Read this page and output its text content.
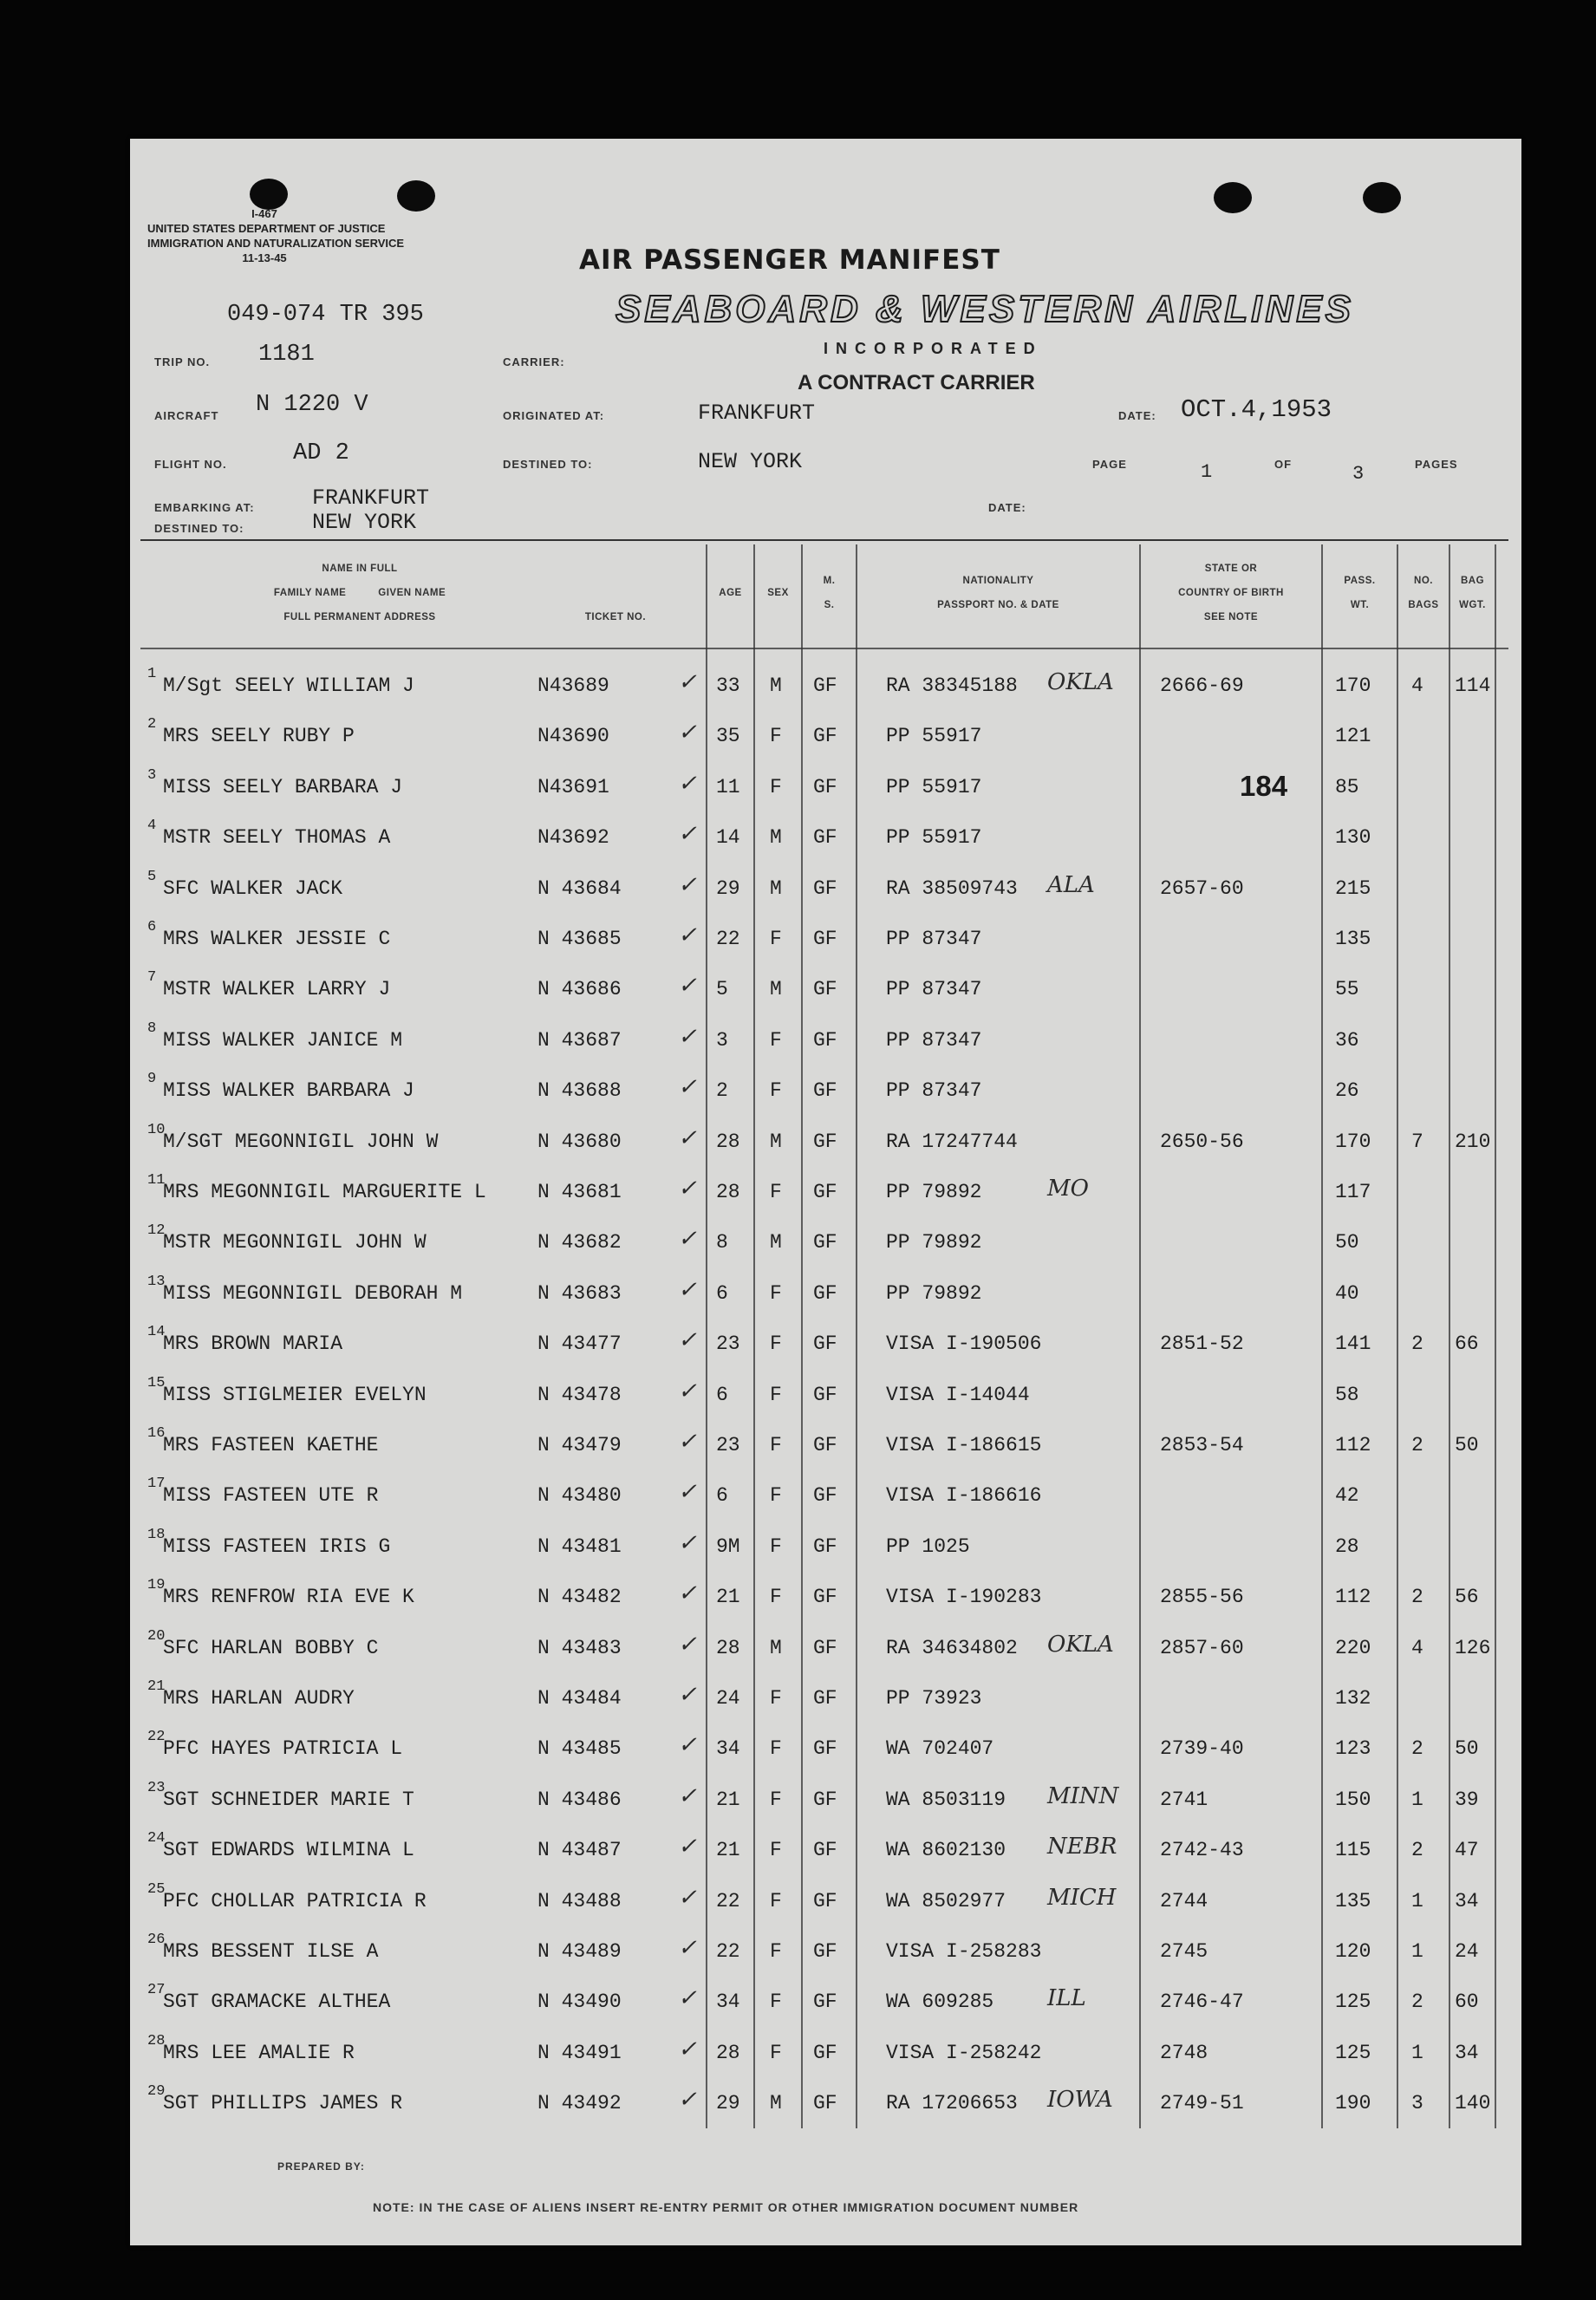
I-467
UNITED STATES DEPARTMENT OF JUSTICE
IMMIGRATION AND NATURALIZATION SERVICE
11-13-45	AIR PASSENGER MANIFEST
SEABOARD & WESTERN AIRLINES
INCORPORATED
A CONTRACT CARRIER
049-074 TR 395
TRIP NO. 1181	CARRIER:
AIRCRAFT N 1220 V	ORIGINATED AT:	FRANKFURT	DATE: OCT.4,1953
FLIGHT NO.	AD 2	DESTINED TO:	NEW YORK	PAGE	1	OF	3	PAGES
EMBARKING AT:	FRANKFURT
DESTINED TO:	NEW YORK
DATE:
NAME IN FULL
FAMILY NAME          GIVEN NAME
FULL PERMANENT ADDRESS	TICKET NO.
AGE	SEX
M.
S.
NATIONALITY
PASSPORT NO. & DATE
STATE OR
COUNTRY OF BIRTH
SEE NOTE
PASS.
WT.
NO.
BAGS
BAG
WGT.
1
M/Sgt SEELY WILLIAM J	N43689	33 M GF RA 38345188 OKLA 2666-69	170 4 114
✓
2
MRS SEELY RUBY P	N43690	35 F GF PP 55917	121
✓
3
MISS SEELY BARBARA J	N43691	11 F GF PP 55917	85
✓
4
MSTR SEELY THOMAS A	N43692	14 M GF PP 55917	130
✓
5
SFC WALKER JACK	N 43684	29 M GF RA 38509743 ALA	2657-60	215
✓
6
MRS WALKER JESSIE C	N 43685	22 F GF PP 87347	135
✓
7
MSTR WALKER LARRY J	N 43686	5 M GF PP 87347	55
✓
8
MISS WALKER JANICE M	N 43687	3 F GF PP 87347	36
✓
9
MISS WALKER BARBARA J	N 43688	2 F GF PP 87347	26
✓
10
M/SGT MEGONNIGIL JOHN W	N 43680	28 M GF RA 17247744	2650-56	170 7 210
✓
11
MRS MEGONNIGIL MARGUERITE L	N 43681	28 F GF PP 79892	MO	117
✓
12
MSTR MEGONNIGIL JOHN W	N 43682	8 M GF PP 79892	50
✓
13
MISS MEGONNIGIL DEBORAH M	N 43683	6 F GF PP 79892	40
✓
14
MRS BROWN MARIA	N 43477	23 F GF VISA I-190506	2851-52	141 2 66
✓
15
MISS STIGLMEIER EVELYN	N 43478	6 F GF VISA I-14044	58
✓
16
MRS FASTEEN KAETHE	N 43479	23 F GF VISA I-186615	2853-54	112 2 50
✓
17
MISS FASTEEN UTE R	N 43480	6 F GF VISA I-186616	42
✓
18
MISS FASTEEN IRIS G	N 43481	9M F GF PP 1025	28
✓
19
MRS RENFROW RIA EVE K	N 43482	21 F GF VISA I-190283	2855-56	112 2 56
✓
20
SFC HARLAN BOBBY C	N 43483	28 M GF RA 34634802 OKLA 2857-60	220 4 126
✓
21
MRS HARLAN AUDRY	N 43484	24 F GF PP 73923	132
✓
22
PFC HAYES PATRICIA L	N 43485	34 F GF WA 702407	2739-40	123 2 50
✓
23
SGT SCHNEIDER MARIE T	N 43486	21 F GF WA 8503119 MINN 2741	150 1 39
✓
24
SGT EDWARDS WILMINA L	N 43487	21 F GF WA 8602130 NEBR 2742-43	115 2 47
✓
25
PFC CHOLLAR PATRICIA R	N 43488	22 F GF WA 8502977 MICH 2744	135 1 34
✓
26
MRS BESSENT ILSE A	N 43489	22 F GF VISA I-258283	2745	120 1 24
✓
27
SGT GRAMACKE ALTHEA	N 43490	34 F GF WA 609285 ILL	2746-47	125 2 60
✓
28
MRS LEE AMALIE R	N 43491	28 F GF VISA I-258242	2748	125 1 34
✓
29
SGT PHILLIPS JAMES R	N 43492	29 M GF RA 17206653 IOWA 2749-51	190 3 140
✓
184
PREPARED BY:
NOTE: IN THE CASE OF ALIENS INSERT RE-ENTRY PERMIT OR OTHER IMMIGRATION DOCUMENT NUMBER
